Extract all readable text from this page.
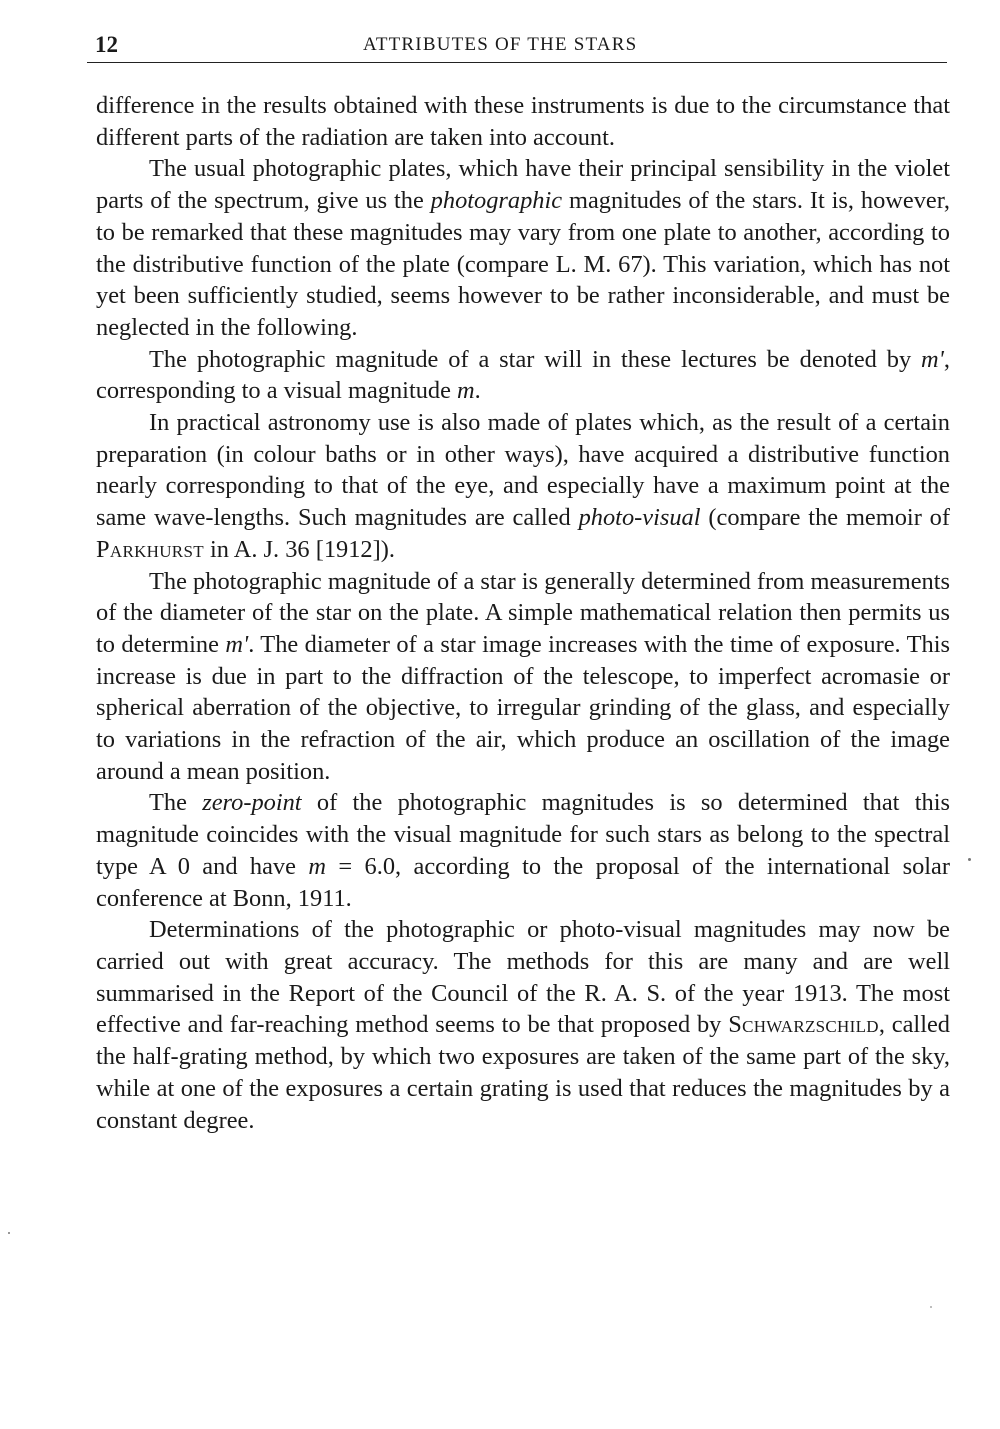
12	ATTRIBUTES OF THE STARS

difference in the results obtained with these instruments is due to the circumstance that different parts of the radiation are taken into account.

The usual photographic plates, which have their principal sensibility in the violet parts of the spectrum, give us the photographic magnitudes of the stars. It is, however, to be remarked that these magnitudes may vary from one plate to another, according to the distributive function of the plate (compare L. M. 67). This variation, which has not yet been sufficiently studied, seems however to be rather inconsiderable, and must be neglected in the following.

The photographic magnitude of a star will in these lectures be denoted by m', corresponding to a visual magnitude m.

In practical astronomy use is also made of plates which, as the result of a certain preparation (in colour baths or in other ways), have acquired a distributive function nearly corresponding to that of the eye, and especially have a maximum point at the same wave-lengths. Such magnitudes are called photo-visual (compare the memoir of Parkhurst in A. J. 36 [1912]).

The photographic magnitude of a star is generally determined from measurements of the diameter of the star on the plate. A simple mathematical relation then permits us to determine m'. The diameter of a star image increases with the time of exposure. This increase is due in part to the diffraction of the telescope, to imperfect acromasie or spherical aberration of the objective, to irregular grinding of the glass, and especially to variations in the refraction of the air, which produce an oscillation of the image around a mean position.

The zero-point of the photographic magnitudes is so determined that this magnitude coincides with the visual magnitude for such stars as belong to the spectral type A 0 and have m = 6.0, according to the proposal of the international solar conference at Bonn, 1911.

Determinations of the photographic or photo-visual magnitudes may now be carried out with great accuracy. The methods for this are many and are well summarised in the Report of the Council of the R. A. S. of the year 1913. The most effective and far-reaching method seems to be that proposed by Schwarzschild, called the half-grating method, by which two exposures are taken of the same part of the sky, while at one of the exposures a certain grating is used that reduces the magnitudes by a constant degree.
